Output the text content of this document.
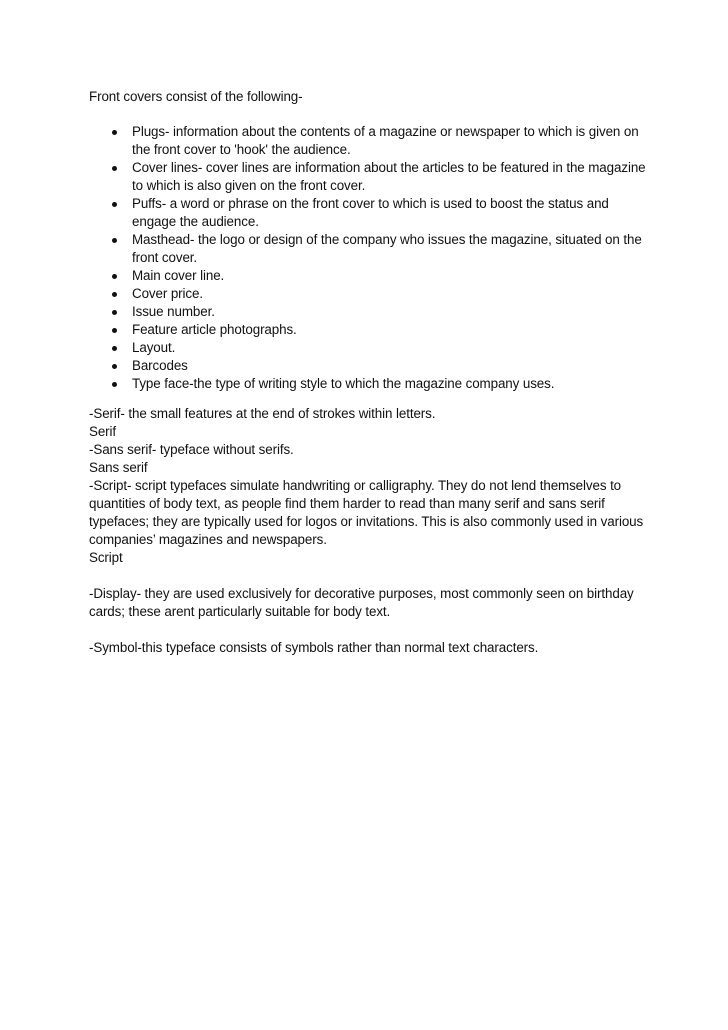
Front covers consist of the following-

Plugs- information about the contents of a magazine or newspaper to which is given on the front cover to 'hook' the audience.
Cover lines- cover lines are information about the articles to be featured in the magazine to which is also given on the front cover.
Puffs- a word or phrase on the front cover to which is used to boost the status and engage the audience.
Masthead- the logo or design of the company who issues the magazine, situated on the front cover.
Main cover line.
Cover price.
Issue number.
Feature article photographs.
Layout.
Barcodes
Type face-the type of writing style to which the magazine company uses.
-Serif- the small features at the end of strokes within letters.
Serif
-Sans serif- typeface without serifs.
Sans serif
-Script- script typefaces simulate handwriting or calligraphy. They do not lend themselves to quantities of body text, as people find them harder to read than many serif and sans serif typefaces; they are typically used for logos or invitations. This is also commonly used in various companies’ magazines and newspapers.
Script

-Display- they are used exclusively for decorative purposes, most commonly seen on birthday cards; these arent particularly suitable for body text.

-Symbol-this typeface consists of symbols rather than normal text characters.
